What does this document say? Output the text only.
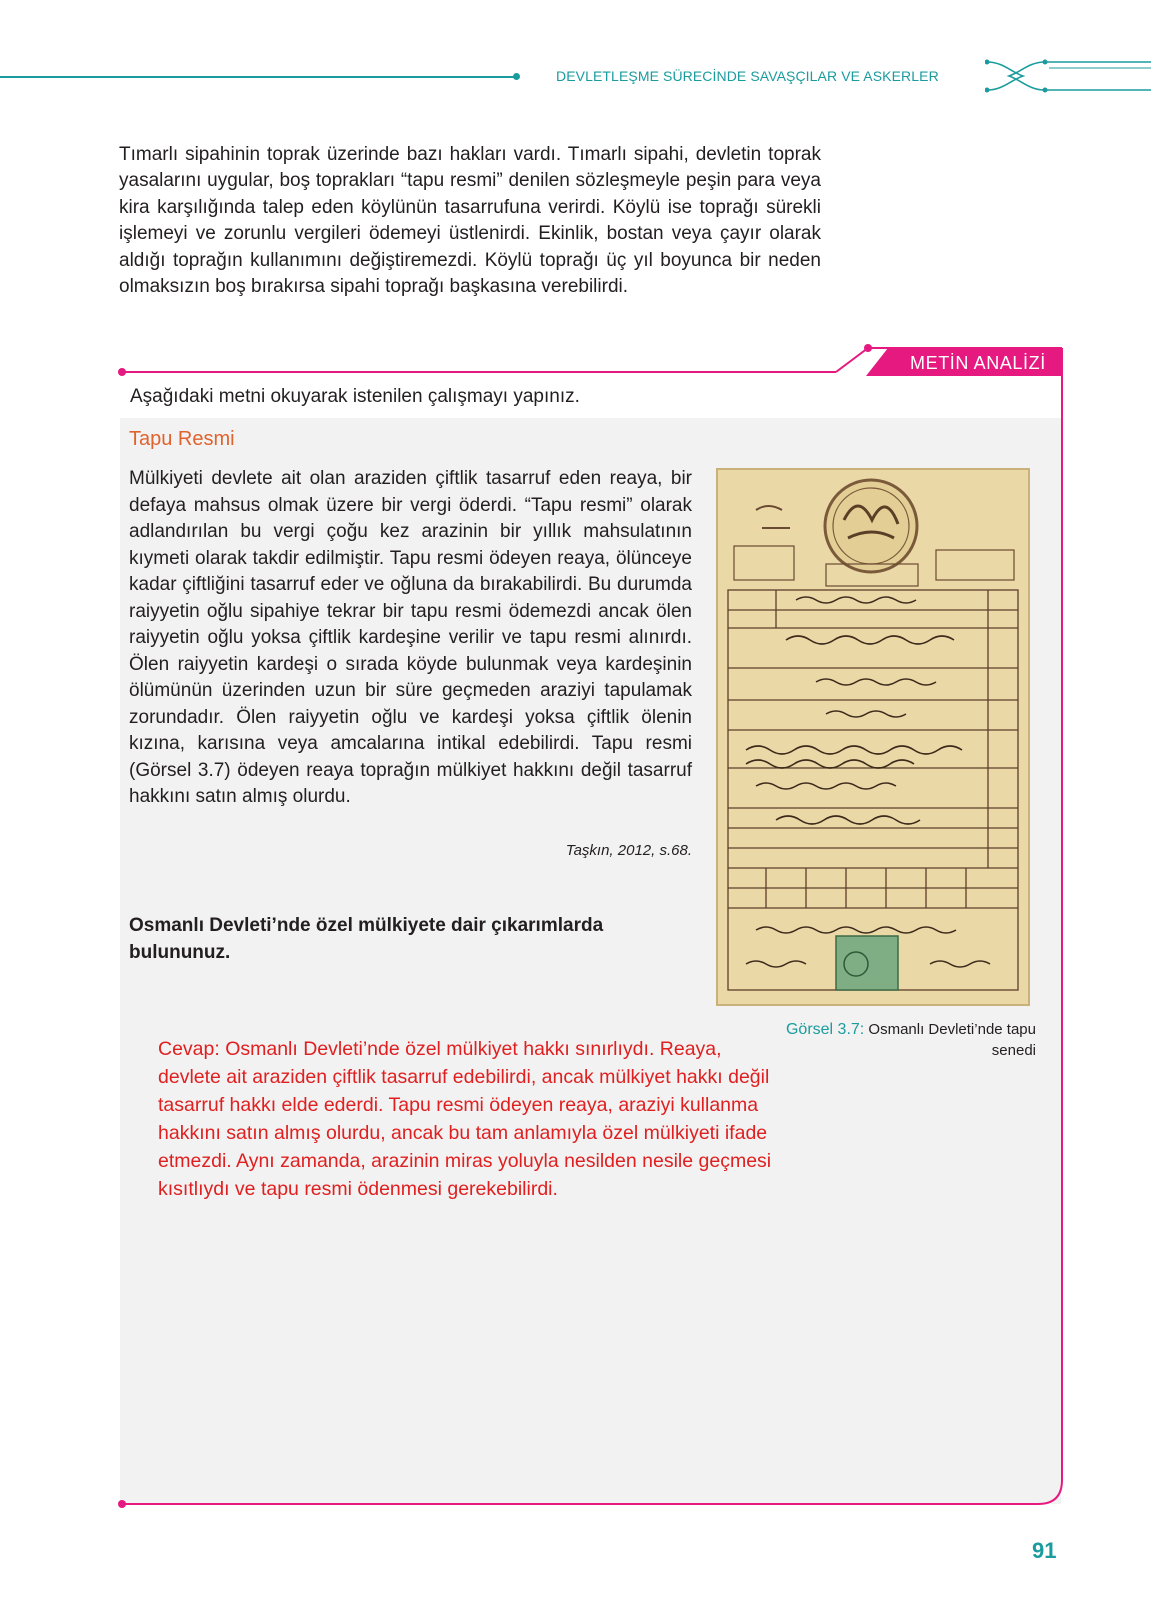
DEVLETLEŞME SÜRECİNDE SAVAŞÇILAR VE ASKERLER

Tımarlı sipahinin toprak üzerinde bazı hakları vardı. Tımarlı sipahi, devletin toprak yasalarını uygular, boş toprakları “tapu resmi” denilen sözleşmeyle peşin para veya kira karşılığında talep eden köylünün tasarrufuna verirdi. Köylü ise toprağı sürekli işlemeyi ve zorunlu vergileri ödemeyi üstlenirdi. Ekinlik, bostan veya çayır olarak aldığı toprağın kullanımını değiştiremezdi. Köylü toprağı üç yıl boyunca bir neden olmaksızın boş bırakırsa sipahi toprağı başkasına verebilirdi.

METİN ANALİZİ
Aşağıdaki metni okuyarak istenilen çalışmayı yapınız.
Tapu Resmi

Mülkiyeti devlete ait olan araziden çiftlik tasarruf eden reaya, bir defaya mahsus olmak üzere bir vergi öderdi. “Tapu resmi” olarak adlandırılan bu vergi çoğu kez arazinin bir yıllık mahsulatının kıymeti olarak takdir edilmiştir. Tapu resmi ödeyen reaya, ölünceye kadar çiftliğini tasarruf eder ve oğluna da bırakabilirdi. Bu durumda raiyyetin oğlu sipahiye tekrar bir tapu resmi ödemezdi ancak ölen raiyyetin oğlu yoksa çiftlik kardeşine verilir ve tapu resmi alınırdı. Ölen raiyyetin kardeşi o sırada köyde bulunmak veya kardeşinin ölümünün üzerinden uzun bir süre geçmeden araziyi tapulamak zorundadır. Ölen raiyyetin oğlu ve kardeşi yoksa çiftlik ölenin kızına, karısına veya amcalarına intikal edebilirdi. Tapu resmi (Görsel 3.7) ödeyen reaya toprağın mülkiyet hakkını değil tasarruf hakkını satın almış olurdu.

Taşkın, 2012, s.68.

Osmanlı Devleti’nde özel mülkiyete dair çıkarımlarda bulununuz.

Görsel 3.7: Osmanlı Devleti’nde tapu senedi

Cevap: Osmanlı Devleti’nde özel mülkiyet hakkı sınırlıydı. Reaya, devlete ait araziden çiftlik tasarruf edebilirdi, ancak mülkiyet hakkı değil tasarruf hakkı elde ederdi. Tapu resmi ödeyen reaya, araziyi kullanma hakkını satın almış olurdu, ancak bu tam anlamıyla özel mülkiyeti ifade etmezdi. Aynı zamanda, arazinin miras yoluyla nesilden nesile geçmesi kısıtlıydı ve tapu resmi ödenmesi gerekebilirdi.

91
